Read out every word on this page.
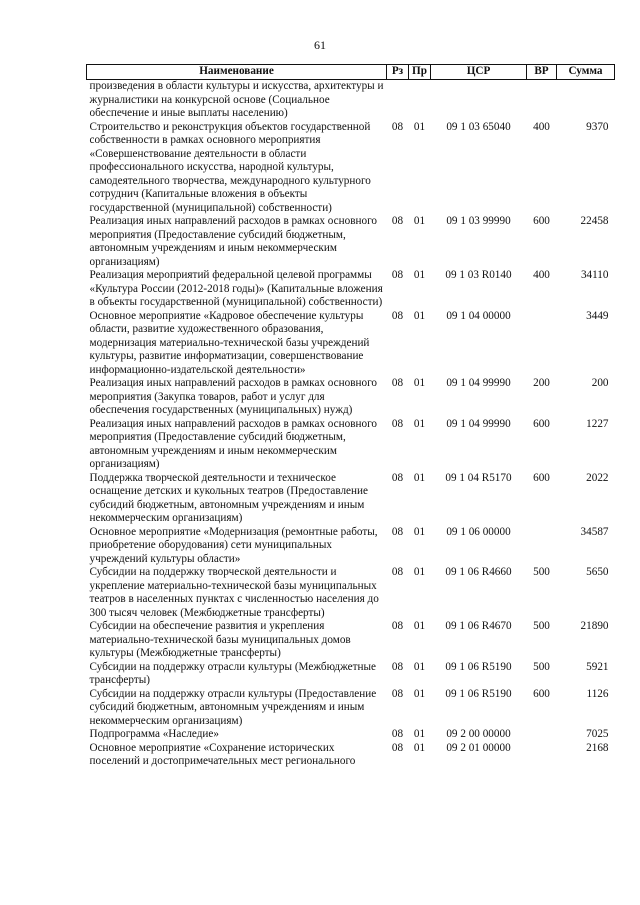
61
Наименование	Рз	Пр	ЦСР	ВР	Сумма
произведения в области культуры и искусства, архитектуры и журналистики на конкурсной основе (Социальное обеспечение и иные выплаты населению)					
Строительство и реконструкция объектов государственной собственности в рамках основного мероприятия «Совершенствование деятельности в области профессионального искусства, народной культуры, самодеятельного творчества, международного культурного сотруднич (Капитальные вложения в объекты государственной (муниципальной) собственности)	08	01	09 1 03 65040	400	9370
Реализация иных направлений расходов в рамках основного мероприятия (Предоставление субсидий бюджетным, автономным учреждениям и иным некоммерческим организациям)	08	01	09 1 03 99990	600	22458
Реализация мероприятий федеральной целевой программы «Культура России (2012-2018 годы)» (Капитальные вложения в объекты государственной (муниципальной) собственности)	08	01	09 1 03 R0140	400	34110
Основное мероприятие «Кадровое обеспечение культуры области, развитие художественного образования, модернизация материально-технической базы учреждений культуры, развитие информатизации, совершенствование информационно-издательской деятельности»	08	01	09 1 04 00000		3449
Реализация иных направлений расходов в рамках основного мероприятия (Закупка товаров, работ и услуг для обеспечения государственных (муниципальных) нужд)	08	01	09 1 04 99990	200	200
Реализация иных направлений расходов в рамках основного мероприятия (Предоставление субсидий бюджетным, автономным учреждениям и иным некоммерческим организациям)	08	01	09 1 04 99990	600	1227
Поддержка творческой деятельности и техническое оснащение детских и кукольных театров (Предоставление субсидий бюджетным, автономным учреждениям и иным некоммерческим организациям)	08	01	09 1 04 R5170	600	2022
Основное мероприятие «Модернизация (ремонтные работы, приобретение оборудования) сети муниципальных учреждений культуры области»	08	01	09 1 06 00000		34587
Субсидии на поддержку творческой деятельности и укрепление материально-технической базы муниципальных театров в населенных пунктах с численностью населения до 300 тысяч человек (Межбюджетные трансферты)	08	01	09 1 06 R4660	500	5650
Субсидии на обеспечение развития и укрепления материально-технической базы муниципальных домов культуры (Межбюджетные трансферты)	08	01	09 1 06 R4670	500	21890
Субсидии на поддержку отрасли культуры (Межбюджетные трансферты)	08	01	09 1 06 R5190	500	5921
Субсидии на поддержку отрасли культуры (Предоставление субсидий бюджетным, автономным учреждениям и иным некоммерческим организациям)	08	01	09 1 06 R5190	600	1126
Подпрограмма «Наследие»	08	01	09 2 00 00000		7025
Основное мероприятие «Сохранение исторических поселений и достопримечательных мест регионального	08	01	09 2 01 00000		2168
